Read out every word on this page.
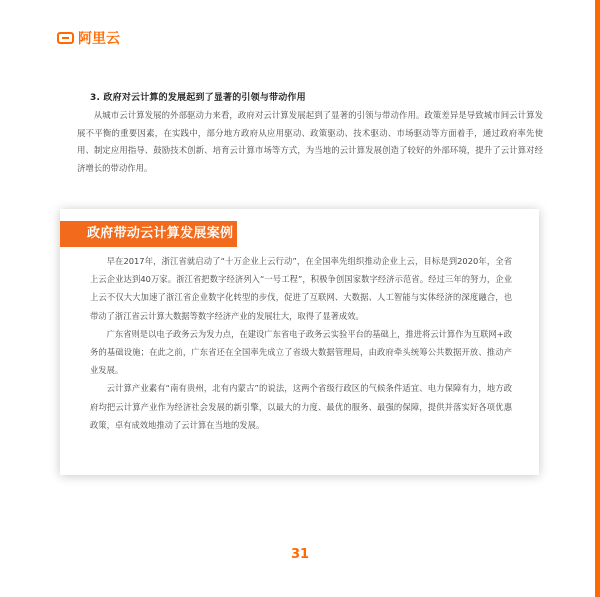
阿里云
3. 政府对云计算的发展起到了显著的引领与带动作用

从城市云计算发展的外部驱动力来看，政府对云计算发展起到了显著的引领与带动作用。政策差异是导致城市间云计算发展不平衡的重要因素，在实践中，部分地方政府从应用驱动、政策驱动、技术驱动、市场驱动等方面着手，通过政府率先使用、制定应用指导、鼓励技术创新、培育云计算市场等方式，为当地的云计算发展创造了较好的外部环境，提升了云计算对经济增长的带动作用。

政府带动云计算发展案例

早在2017年，浙江省就启动了“十万企业上云行动”，在全国率先组织推动企业上云，目标是到2020年，全省上云企业达到40万家。浙江省把数字经济列入“一号工程”，积极争创国家数字经济示范省。经过三年的努力，企业上云不仅大大加速了浙江省企业数字化转型的步伐，促进了互联网、大数据、人工智能与实体经济的深度融合，也带动了浙江省云计算大数据等数字经济产业的发展壮大，取得了显著成效。

广东省则是以电子政务云为发力点，在建设广东省电子政务云实验平台的基础上，推进将云计算作为互联网+政务的基础设施；在此之前，广东省还在全国率先成立了省级大数据管理局，由政府牵头统筹公共数据开放、推动产业发展。

云计算产业素有“南有贵州，北有内蒙古”的说法，这两个省级行政区的气候条件适宜、电力保障有力，地方政府均把云计算产业作为经济社会发展的新引擎，以最大的力度、最优的服务、最强的保障，提供并落实好各项优惠政策，卓有成效地推动了云计算在当地的发展。

31
